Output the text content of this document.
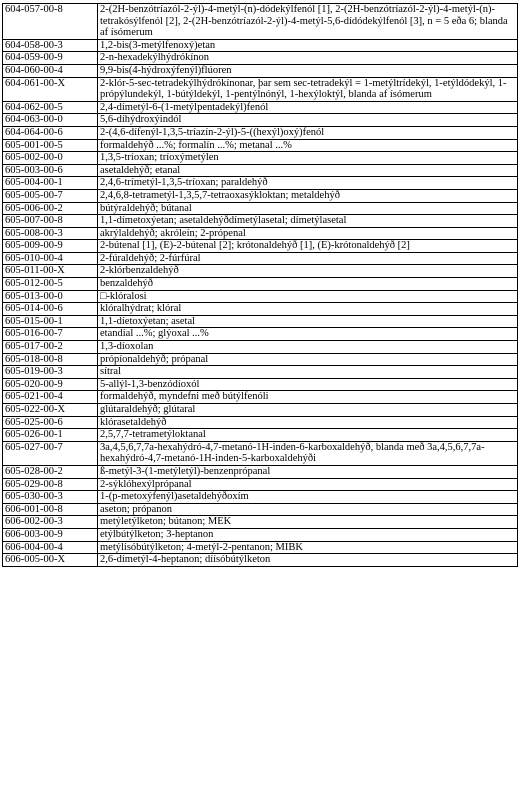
604-057-00-8	2-(2H-benzótríazól-2-ýl)-4-metýl-(n)-dódekýlfenól [1], 2-(2H-benzótríazól-2-ýl)-4-metýl-(n)-tetrakósýlfenól [2], 2-(2H-benzótríazól-2-ýl)-4-metýl-5,6-dídódekýlfenól [3], n = 5 eða 6; blanda af ísómerum
604-058-00-3	1,2-bis(3-metýlfenoxý)etan
604-059-00-9	2-n-hexadekýlhýdrókínon
604-060-00-4	9,9-bis(4-hýdroxýfenýl)flúoren
604-061-00-X	2-klór-5-sec-tetradekýlhýdrókínonar, þar sem sec-tetradekýl = 1-metýltrídekýl, 1-etýldódekýl, 1-própýlundekýl, 1-bútýldekýl, 1-pentýlnónýl, 1-hexýloktýl, blanda af ísómerum
604-062-00-5	2,4-dímetýl-6-(1-metýlpentadekýl)fenól
604-063-00-0	5,6-díhýdroxýindól
604-064-00-6	2-(4,6-dífenýl-1,3,5-tríazín-2-ýl)-5-((hexýl)oxý)fenól
605-001-00-5	formaldehýð ...%; formalín ...%; metanal ...%
605-002-00-0	1,3,5-tríoxan; tríoxýmetýlen
605-003-00-6	asetaldehýð; etanal
605-004-00-1	2,4,6-trímetýl-1,3,5-tríoxan; paraldehýð
605-005-00-7	2,4,6,8-tetrametýl-1,3,5,7-tetraoxasýkloktan; metaldehýð
605-006-00-2	bútýraldehýð; bútanal
605-007-00-8	1,1-dímetoxýetan; asetaldehýðdímetýlasetal; dímetýlasetal
605-008-00-3	akrýlaldehýð; akróleín; 2-própenal
605-009-00-9	2-bútenal [1], (E)-2-bútenal [2]; krótonaldehýð [1], (E)-krótonaldehýð [2]
605-010-00-4	2-fúraldehýð; 2-fúrfúral
605-011-00-X	2-klórbenzaldehýð
605-012-00-5	benzaldehýð
605-013-00-0	□-klóralosi
605-014-00-6	klóralhýdrat; klóral
605-015-00-1	1,1-díetoxýetan; asetal
605-016-00-7	etandíal ...%; glýoxal ...%
605-017-00-2	1,3-díoxolan
605-018-00-8	própíonaldehýð; própanal
605-019-00-3	sítral
605-020-00-9	5-allýl-1,3-benzódíoxól
605-021-00-4	formaldehýð, myndefni með bútýlfenóli
605-022-00-X	glútaraldehýð; glútaral
605-025-00-6	klórasetaldehýð
605-026-00-1	2,5,7,7-tetrametýloktanal
605-027-00-7	3a,4,5,6,7,7a-hexahýdró-4,7-metanó-1H-inden-6-karboxaldehýð, blanda með 3a,4,5,6,7,7a-hexahýdró-4,7-metanó-1H-inden-5-karboxaldehýði
605-028-00-2	ß-metýl-3-(1-metýletýl)-benzenprópanal
605-029-00-8	2-sýklóhexýlprópanal
605-030-00-3	1-(p-metoxýfenýl)asetaldehýðoxím
606-001-00-8	aseton; própanon
606-002-00-3	metýletýlketon; bútanon; MEK
606-003-00-9	etýlbútýlketon; 3-heptanon
606-004-00-4	metýlísóbútýlketon; 4-metýl-2-pentanon; MIBK
606-005-00-X	2,6-dímetýl-4-heptanon; díísóbútýlketon
